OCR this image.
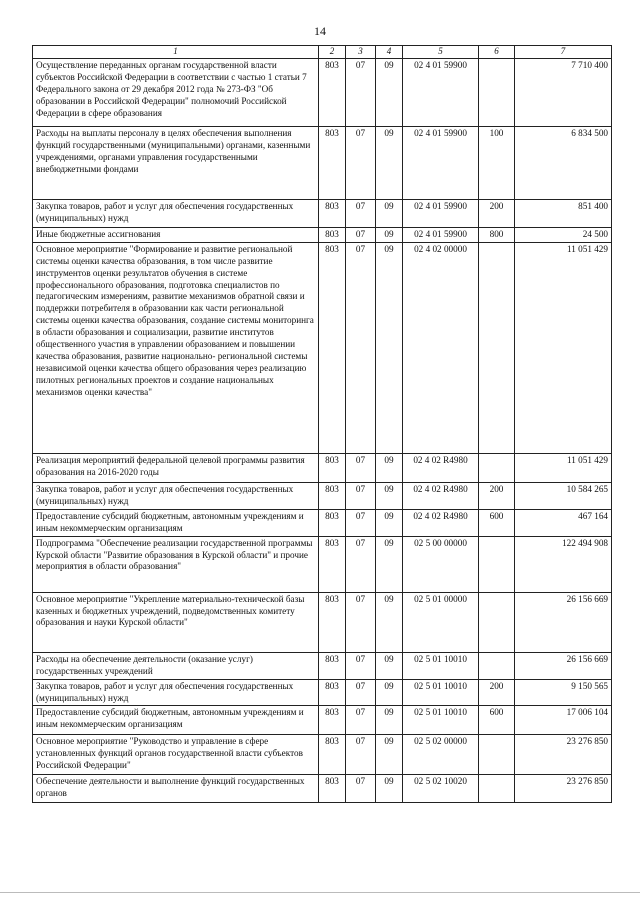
14
1	2	3	4	5	6	7
Осуществление переданных органам государственной власти субъектов Российской Федерации в соответствии с частью 1 статьи 7 Федерального закона от 29 декабря 2012 года № 273-ФЗ "Об образовании в Российской Федерации" полномочий Российской Федерации в сфере образования	803	07	09	02 4 01 59900		7 710 400
Расходы на выплаты персоналу в целях обеспечения выполнения функций государственными (муниципальными) органами, казенными учреждениями, органами управления государственными внебюджетными фондами	803	07	09	02 4 01 59900	100	6 834 500
Закупка товаров, работ и услуг для обеспечения государственных (муниципальных) нужд	803	07	09	02 4 01 59900	200	851 400
Иные бюджетные ассигнования	803	07	09	02 4 01 59900	800	24 500
Основное мероприятие "Формирование и развитие региональной системы оценки качества образования, в том числе развитие инструментов оценки результатов обучения в системе профессионального образования, подготовка специалистов по педагогическим измерениям, развитие механизмов обратной связи и поддержки потребителя в образовании как части региональной системы оценки качества образования, создание системы мониторинга в области образования и социализации, развитие институтов общественного участия в управлении образованием и повышении качества образования, развитие национально- региональной системы независимой оценки качества общего образования через реализацию пилотных региональных проектов и создание национальных механизмов оценки качества"	803	07	09	02 4 02 00000		11 051 429
Реализация мероприятий федеральной целевой программы развития образования на 2016-2020 годы	803	07	09	02 4 02 R4980		11 051 429
Закупка товаров, работ и услуг для обеспечения государственных (муниципальных) нужд	803	07	09	02 4 02 R4980	200	10 584 265
Предоставление субсидий бюджетным, автономным учреждениям и иным некоммерческим организациям	803	07	09	02 4 02 R4980	600	467 164
Подпрограмма "Обеспечение реализации государственной программы Курской области "Развитие образования в Курской области" и прочие мероприятия в области образования"	803	07	09	02 5 00 00000		122 494 908
Основное мероприятие "Укрепление материально-технической базы казенных и бюджетных учреждений, подведомственных комитету образования и науки Курской области"	803	07	09	02 5 01 00000		26 156 669
Расходы на обеспечение деятельности (оказание услуг) государственных учреждений	803	07	09	02 5 01 10010		26 156 669
Закупка товаров, работ и услуг для обеспечения государственных (муниципальных) нужд	803	07	09	02 5 01 10010	200	9 150 565
Предоставление субсидий бюджетным, автономным учреждениям и иным некоммерческим организациям	803	07	09	02 5 01 10010	600	17 006 104
Основное мероприятие "Руководство и управление в сфере установленных функций органов государственной власти субъектов Российской Федерации"	803	07	09	02 5 02 00000		23 276 850
Обеспечение деятельности и выполнение функций государственных органов	803	07	09	02 5 02 10020		23 276 850
